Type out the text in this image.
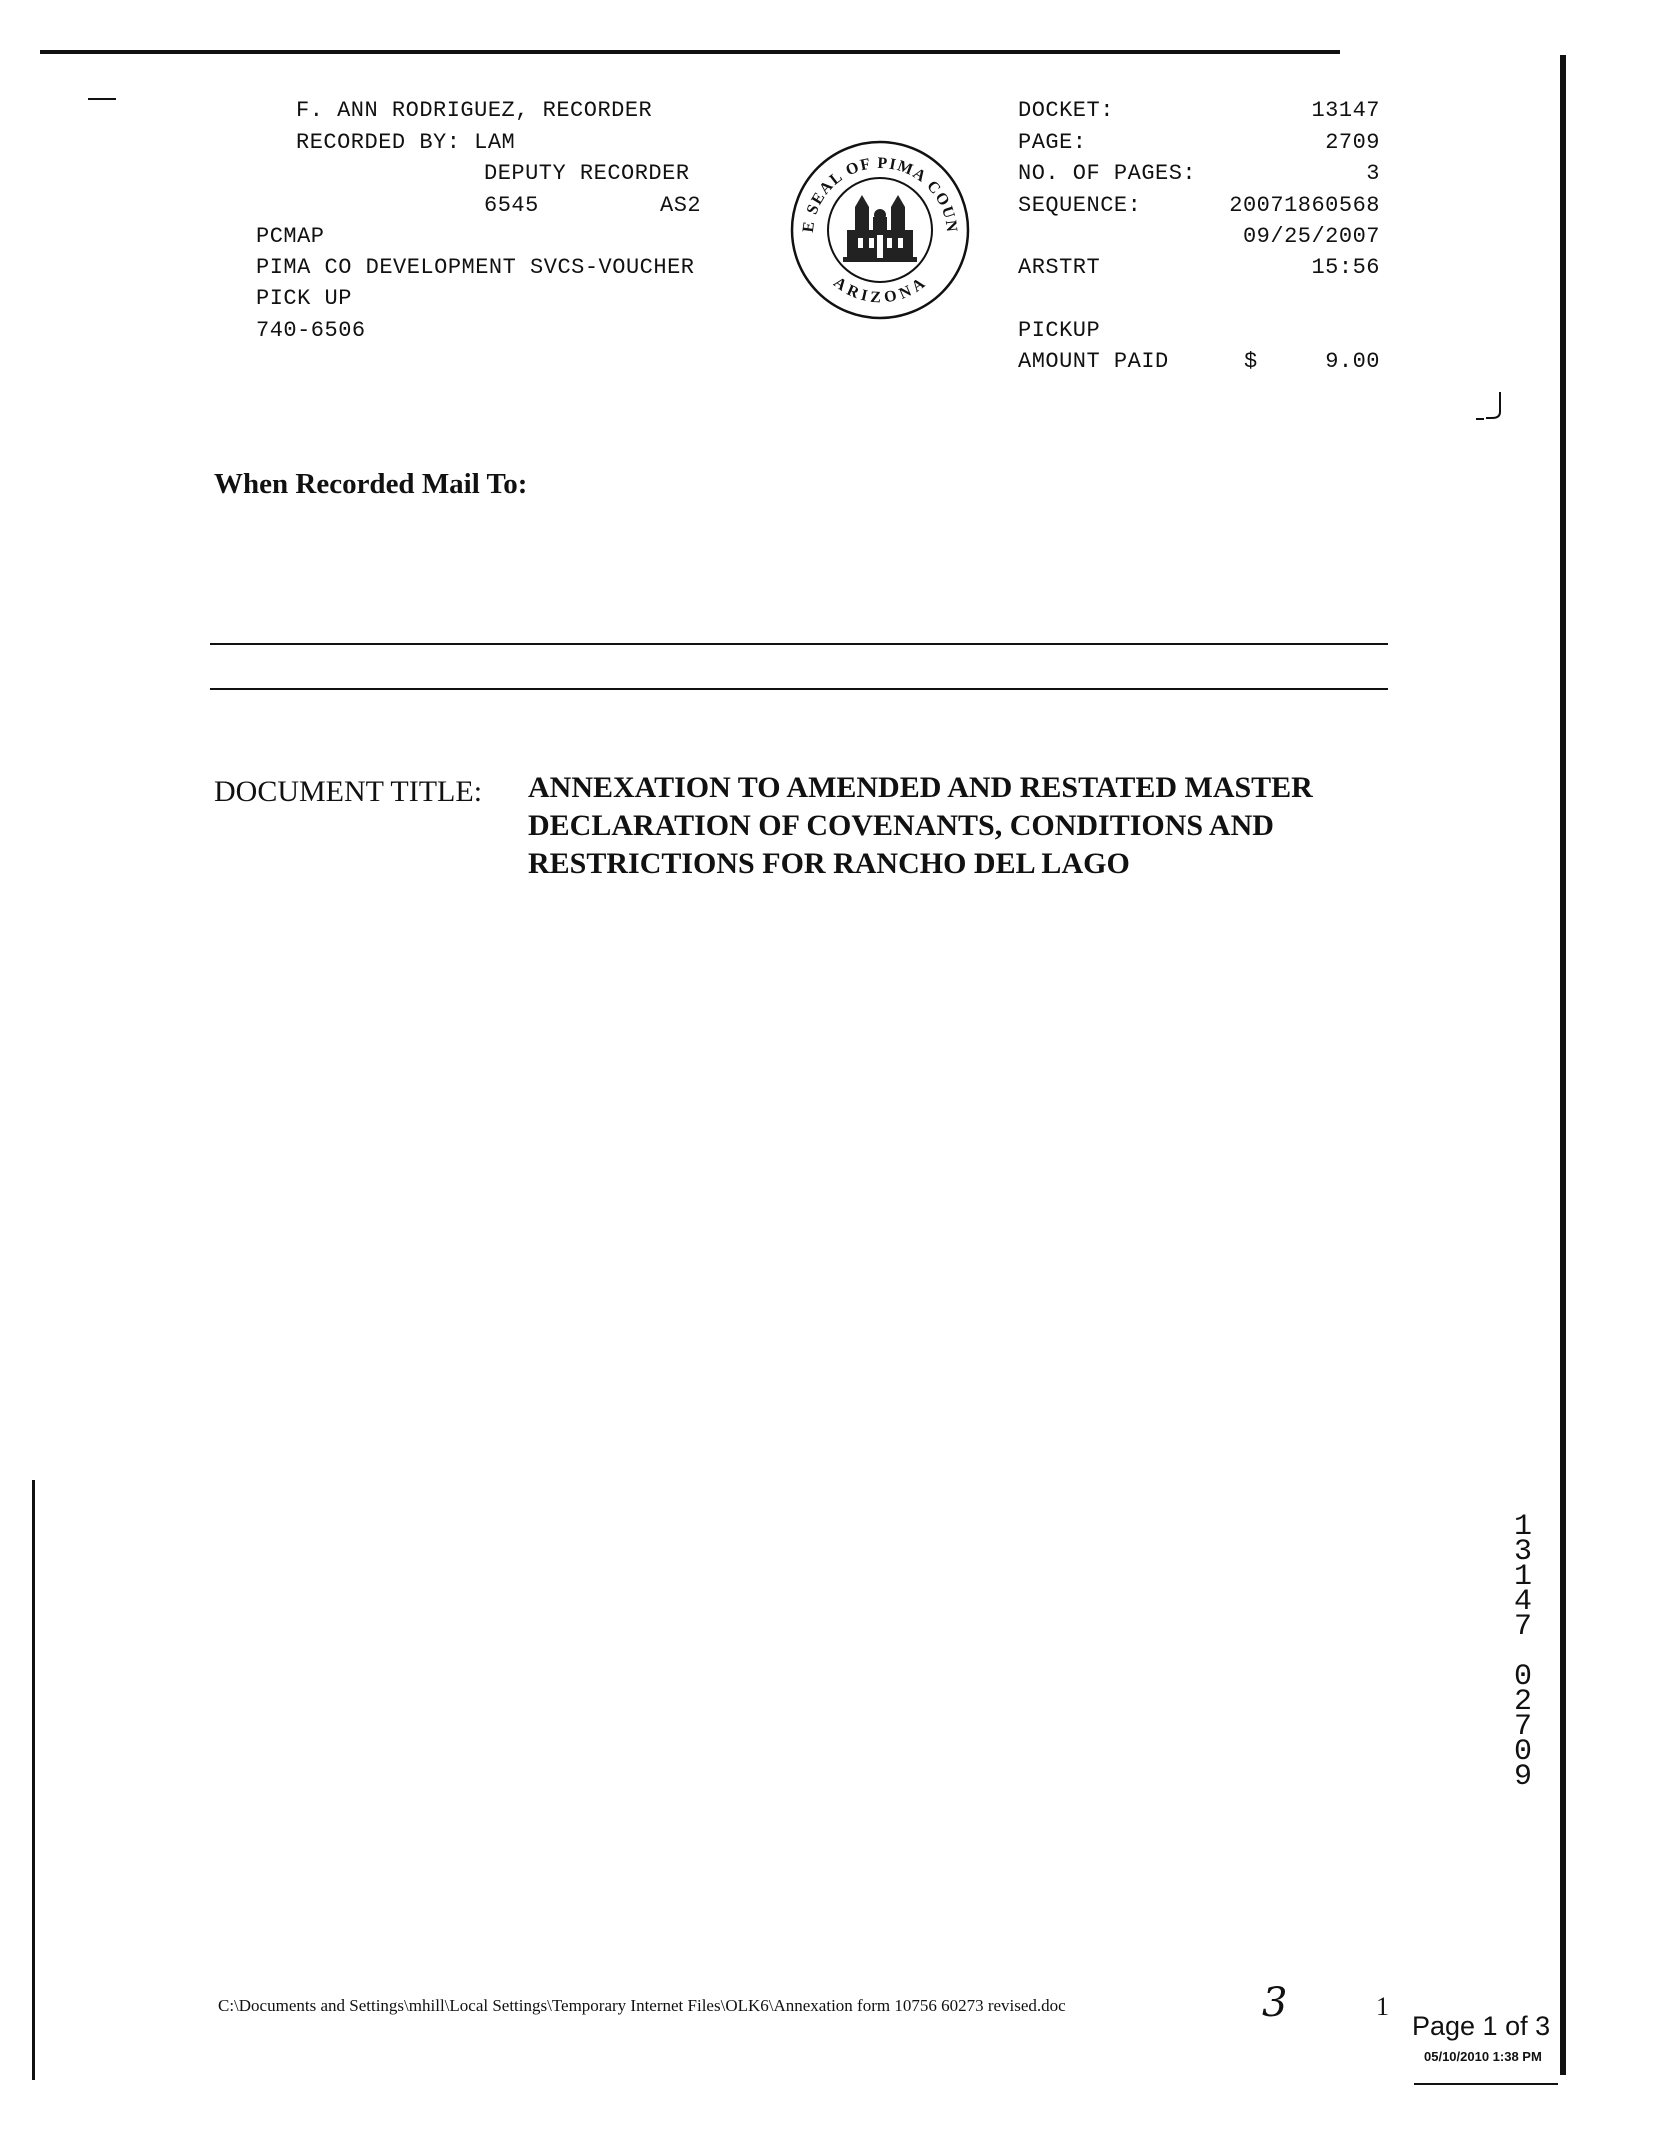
F. ANN RODRIGUEZ, RECORDER
RECORDED BY: LAM
DEPUTY RECORDER
6545	AS2
PCMAP
PIMA CO DEVELOPMENT SVCS-VOUCHER
PICK UP
740-6506
E SEAL OF PIMA COUN
ARIZONA
DOCKET:	13147
PAGE:	2709
NO. OF PAGES:	3
SEQUENCE:	20071860568
09/25/2007
ARSTRT	15:56
PICKUP
AMOUNT PAID	$	9.00
When Recorded Mail To:
DOCUMENT TITLE: ANNEXATION TO AMENDED AND RESTATED MASTER
DECLARATION OF COVENANTS, CONDITIONS AND
RESTRICTIONS FOR RANCHO DEL LAGO
1
3
1
4
7
0
2
7
0
9
C:\Documents and Settings\mhill\Local Settings\Temporary Internet Files\OLK6\Annexation form 10756 60273 revised.doc	3	1
Page 1 of 3
05/10/2010 1:38 PM
